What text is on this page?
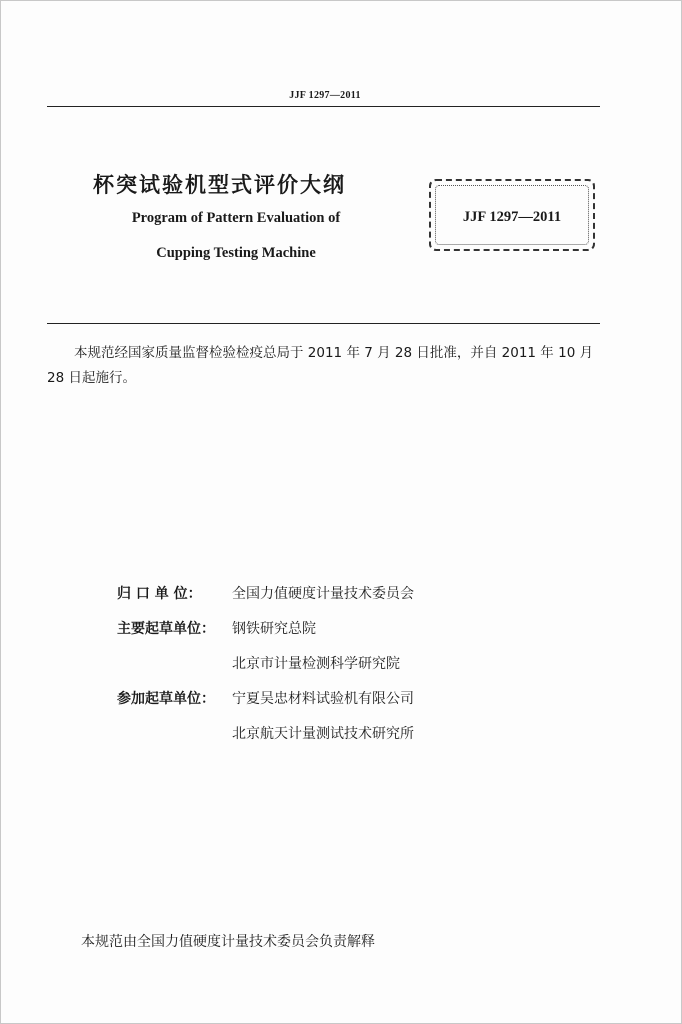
JJF 1297—2011
杯突试验机型式评价大纲
Program of Pattern Evaluation of
Cupping Testing Machine
JJF 1297—2011
本规范经国家质量监督检验检疫总局于 2011 年 7 月 28 日批准，并自 2011 年 10 月 28 日起施行。
归 口 单 位：	全国力值硬度计量技术委员会
主要起草单位：	钢铁研究总院
北京市计量检测科学研究院
参加起草单位：	宁夏吴忠材料试验机有限公司
北京航天计量测试技术研究所
本规范由全国力值硬度计量技术委员会负责解释
